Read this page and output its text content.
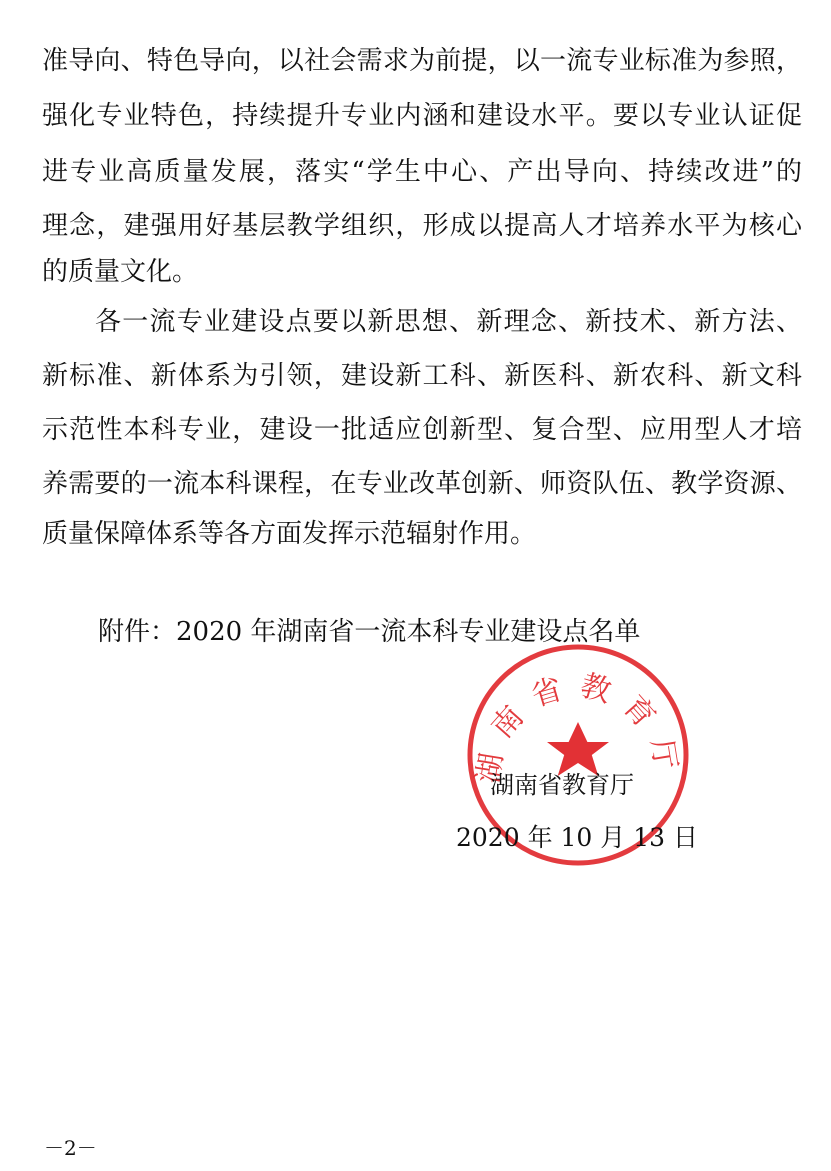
准导向、特色导向，以社会需求为前提，以一流专业标准为参照，
强化专业特色，持续提升专业内涵和建设水平。要以专业认证促
进专业高质量发展，落实“学生中心、产出导向、持续改进”的
理念，建强用好基层教学组织，形成以提高人才培养水平为核心
的质量文化。
各一流专业建设点要以新思想、新理念、新技术、新方法、
新标准、新体系为引领，建设新工科、新医科、新农科、新文科
示范性本科专业，建设一批适应创新型、复合型、应用型人才培
养需要的一流本科课程，在专业改革创新、师资队伍、教学资源、
质量保障体系等各方面发挥示范辐射作用。
附件：2020 年湖南省一流本科专业建设点名单
湖南省教育厅
湖南省教育厅
2020 年 10 月 13 日
－2－
